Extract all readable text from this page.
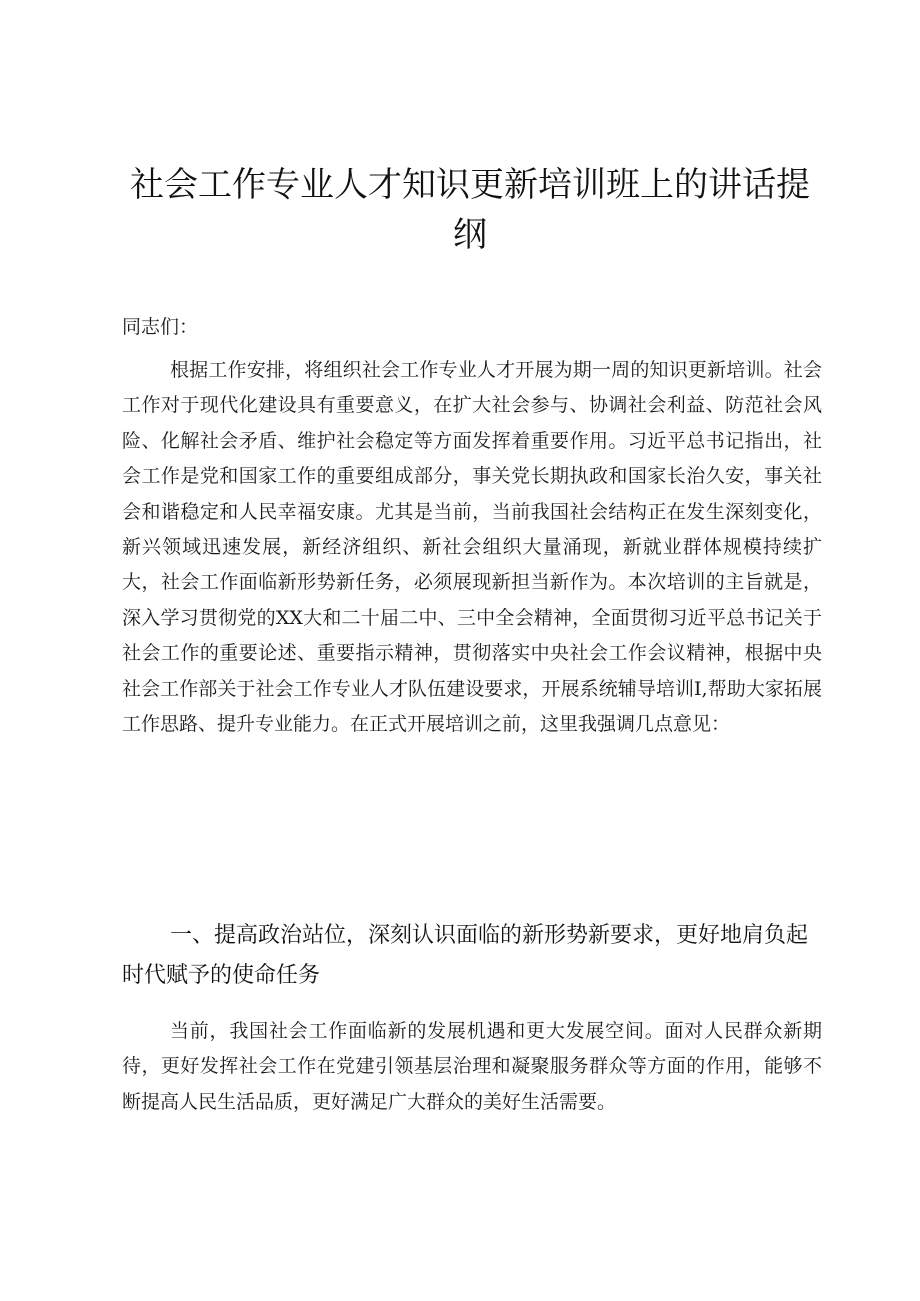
社会工作专业人才知识更新培训班上的讲话提纲

同志们：

根据工作安排，将组织社会工作专业人才开展为期一周的知识更新培训。社会工作对于现代化建设具有重要意义，在扩大社会参与、协调社会利益、防范社会风险、化解社会矛盾、维护社会稳定等方面发挥着重要作用。习近平总书记指出，社会工作是党和国家工作的重要组成部分，事关党长期执政和国家长治久安，事关社会和谐稳定和人民幸福安康。尤其是当前，当前我国社会结构正在发生深刻变化，新兴领域迅速发展，新经济组织、新社会组织大量涌现，新就业群体规模持续扩大，社会工作面临新形势新任务，必须展现新担当新作为。本次培训的主旨就是，深入学习贯彻党的XX大和二十届二中、三中全会精神，全面贯彻习近平总书记关于社会工作的重要论述、重要指示精神，贯彻落实中央社会工作会议精神，根据中央社会工作部关于社会工作专业人才队伍建设要求，开展系统辅导培训I,帮助大家拓展工作思路、提升专业能力。在正式开展培训之前，这里我强调几点意见：

一、提高政治站位，深刻认识面临的新形势新要求，更好地肩负起时代赋予的使命任务

当前，我国社会工作面临新的发展机遇和更大发展空间。面对人民群众新期待，更好发挥社会工作在党建引领基层治理和凝聚服务群众等方面的作用，能够不断提高人民生活品质，更好满足广大群众的美好生活需要。
